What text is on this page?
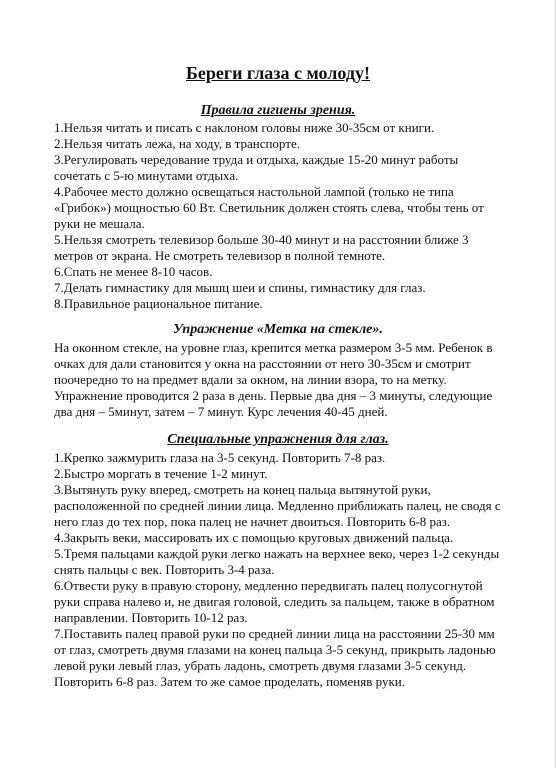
Береги глаза с молоду!
Правила гигиены зрения.

1.Нельзя читать и писать с наклоном головы ниже 30-35см от книги.

2.Нельзя читать лежа, на ходу, в транспорте.

3.Регулировать чередование труда и отдыха, каждые 15-20 минут работы сочетать с 5-ю минутами отдыха.

4.Рабочее место должно освещаться настольной лампой (только не типа «Грибок») мощностью 60 Вт. Светильник должен стоять слева, чтобы тень от руки не мешала.

5.Нельзя смотреть телевизор больше 30-40 минут и на расстоянии ближе 3 метров от экрана. Не смотреть телевизор в полной темноте.

6.Спать не менее 8-10 часов.

7.Делать гимнастику для мышц шеи и спины, гимнастику для глаз.

8.Правильное рациональное питание.

Упражнение «Метка на стекле».

На оконном стекле, на уровне глаз, крепится метка размером 3-5 мм. Ребенок в очках для дали становится у окна на расстоянии от него 30-35см и смотрит поочередно то на предмет вдали за окном, на линии взора, то на метку. Упражнение проводится 2 раза в день. Первые два дня – 3 минуты, следующие два дня – 5минут, затем – 7 минут. Курс лечения 40-45 дней.

Специальные упражнения для глаз.

1.Крепко зажмурить глаза на 3-5 секунд. Повторить 7-8 раз.

2.Быстро моргать в течение 1-2 минут.

3.Вытянуть руку вперед, смотреть на конец пальца вытянутой руки, расположенной по средней линии лица. Медленно приближать палец, не сводя с него глаз до тех пор, пока палец не начнет двоиться. Повторить 6-8 раз.

4.Закрыть веки, массировать их с помощью круговых движений пальца.

5.Тремя пальцами каждой руки легко нажать на верхнее веко, через 1-2 секунды снять пальцы с век. Повторить 3-4 раза.

6.Отвести руку в правую сторону, медленно передвигать палец полусогнутой руки справа налево и, не двигая головой, следить за пальцем, также в обратном направлении. Повторить 10-12 раз.

7.Поставить палец правой руки по средней линии лица на расстоянии 25-30 мм от глаз, смотреть двумя глазами на конец пальца 3-5 секунд, прикрыть ладонью левой руки левый глаз, убрать ладонь, смотреть двумя глазами 3-5 секунд. Повторить 6-8 раз. Затем то же самое проделать, поменяв руки.
